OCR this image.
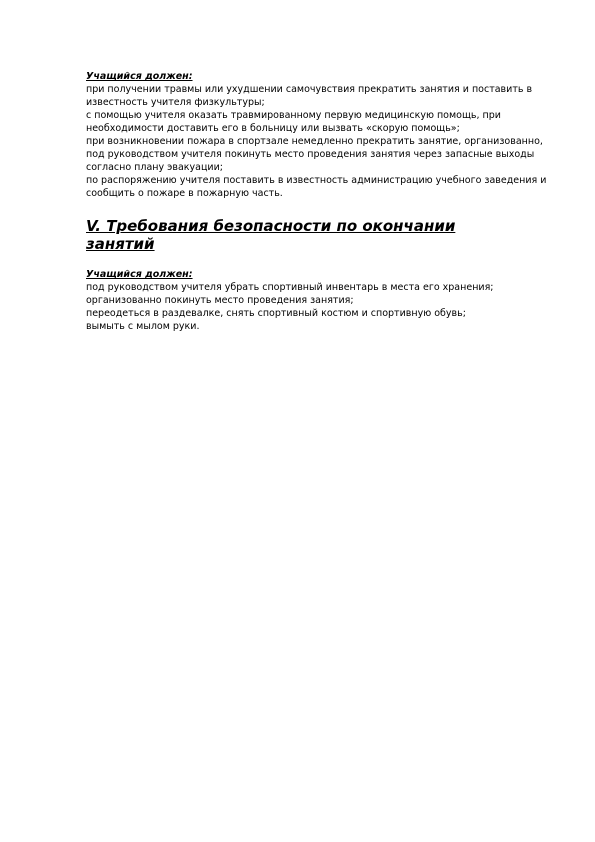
Учащийся должен:

при получении травмы или ухудшении самочувствия прекратить занятия и поставить в известность учителя физкультуры;

с помощью учителя оказать травмированному первую медицинскую помощь, при необходимости доставить его в больницу или вызвать «скорую помощь»;

при возникновении пожара в спортзале немедленно прекратить занятие, организованно, под руководством учителя покинуть место проведения занятия через запасные выходы согласно плану эвакуации;

по распоряжению учителя поставить в известность администрацию учебного заведения и сообщить о пожаре в пожарную часть.

V. Требования безопасности по окончании занятий

Учащийся должен:

под руководством учителя убрать спортивный инвентарь в места его хранения;

организованно покинуть место проведения занятия;

переодеться в раздевалке, снять спортивный костюм и спортивную обувь;

вымыть с мылом руки.
